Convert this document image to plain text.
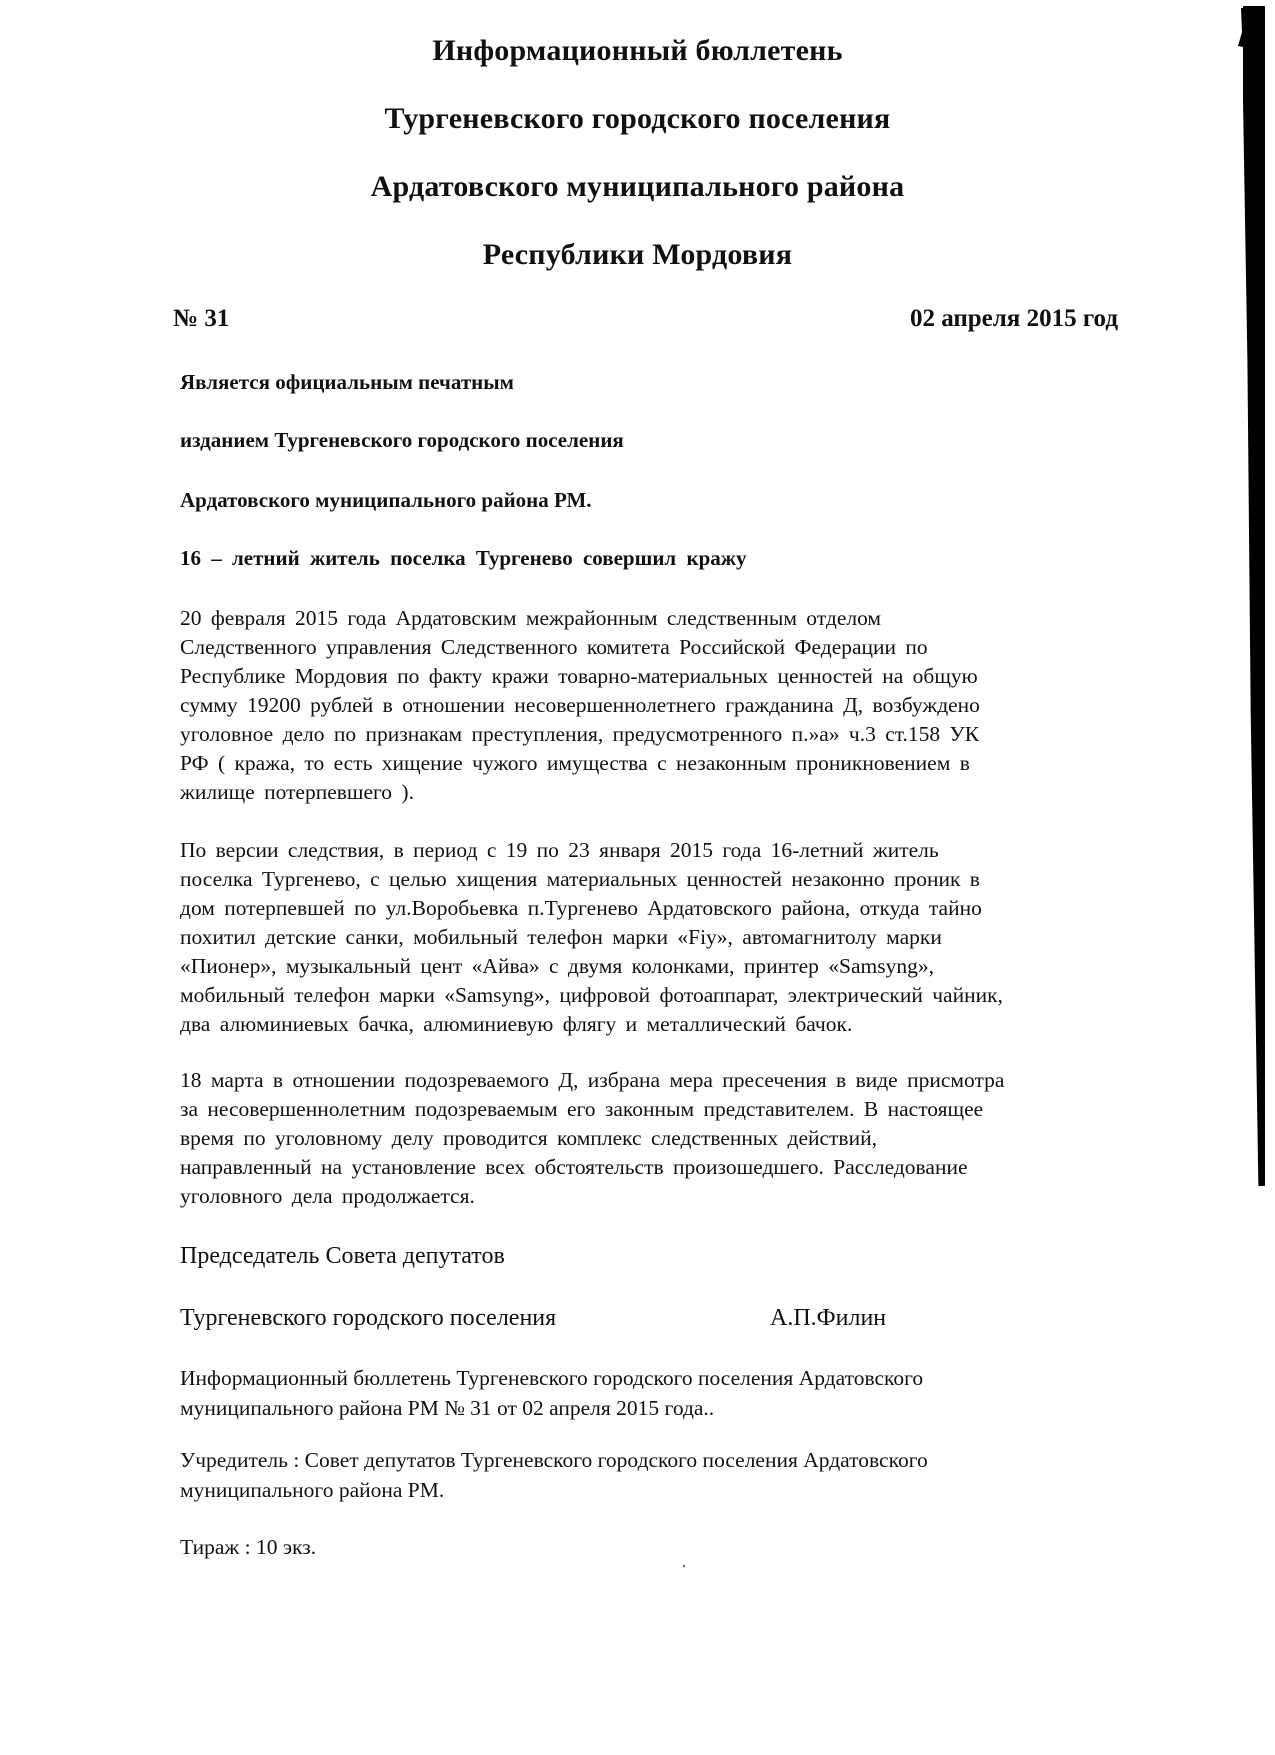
Информационный бюллетень
Тургеневского городского поселения
Ардатовского муниципального района
Республики Мордовия
№ 31	02 апреля 2015 год
Является официальным печатным
изданием Тургеневского городского поселения
Ардатовского муниципального района РМ.
16 – летний житель поселка Тургенево совершил кражу
20 февраля 2015 года Ардатовским межрайонным следственным отделом
Следственного управления Следственного комитета Российской Федерации по
Республике Мордовия по факту кражи товарно-материальных ценностей на общую
сумму 19200 рублей в отношении несовершеннолетнего гражданина Д, возбуждено
уголовное дело по признакам преступления, предусмотренного п.»а» ч.3 ст.158 УК
РФ ( кража, то есть хищение чужого имущества с незаконным проникновением в
жилище потерпевшего ).
По версии следствия, в период с 19 по 23 января 2015 года 16-летний житель
поселка Тургенево, с целью хищения материальных ценностей незаконно проник в
дом потерпевшей по ул.Воробьевка п.Тургенево Ардатовского района, откуда тайно
похитил детские санки, мобильный телефон марки «Fiy», автомагнитолу марки
«Пионер», музыкальный цент «Айва» с двумя колонками, принтер «Samsyng»,
мобильный телефон марки «Samsyng», цифровой фотоаппарат, электрический чайник,
два алюминиевых бачка, алюминиевую флягу и металлический бачок.
18 марта в отношении подозреваемого Д, избрана мера пресечения в виде присмотра
за несовершеннолетним подозреваемым его законным представителем. В настоящее
время по уголовному делу проводится комплекс следственных действий,
направленный на установление всех обстоятельств произошедшего. Расследование
уголовного дела продолжается.
Председатель Совета депутатов
Тургеневского городского поселения	А.П.Филин
Информационный бюллетень Тургеневского городского поселения Ардатовского
муниципального района РМ № 31 от 02 апреля 2015 года..
Учредитель : Совет депутатов Тургеневского городского поселения Ардатовского
муниципального района РМ.
Тираж : 10 экз.
